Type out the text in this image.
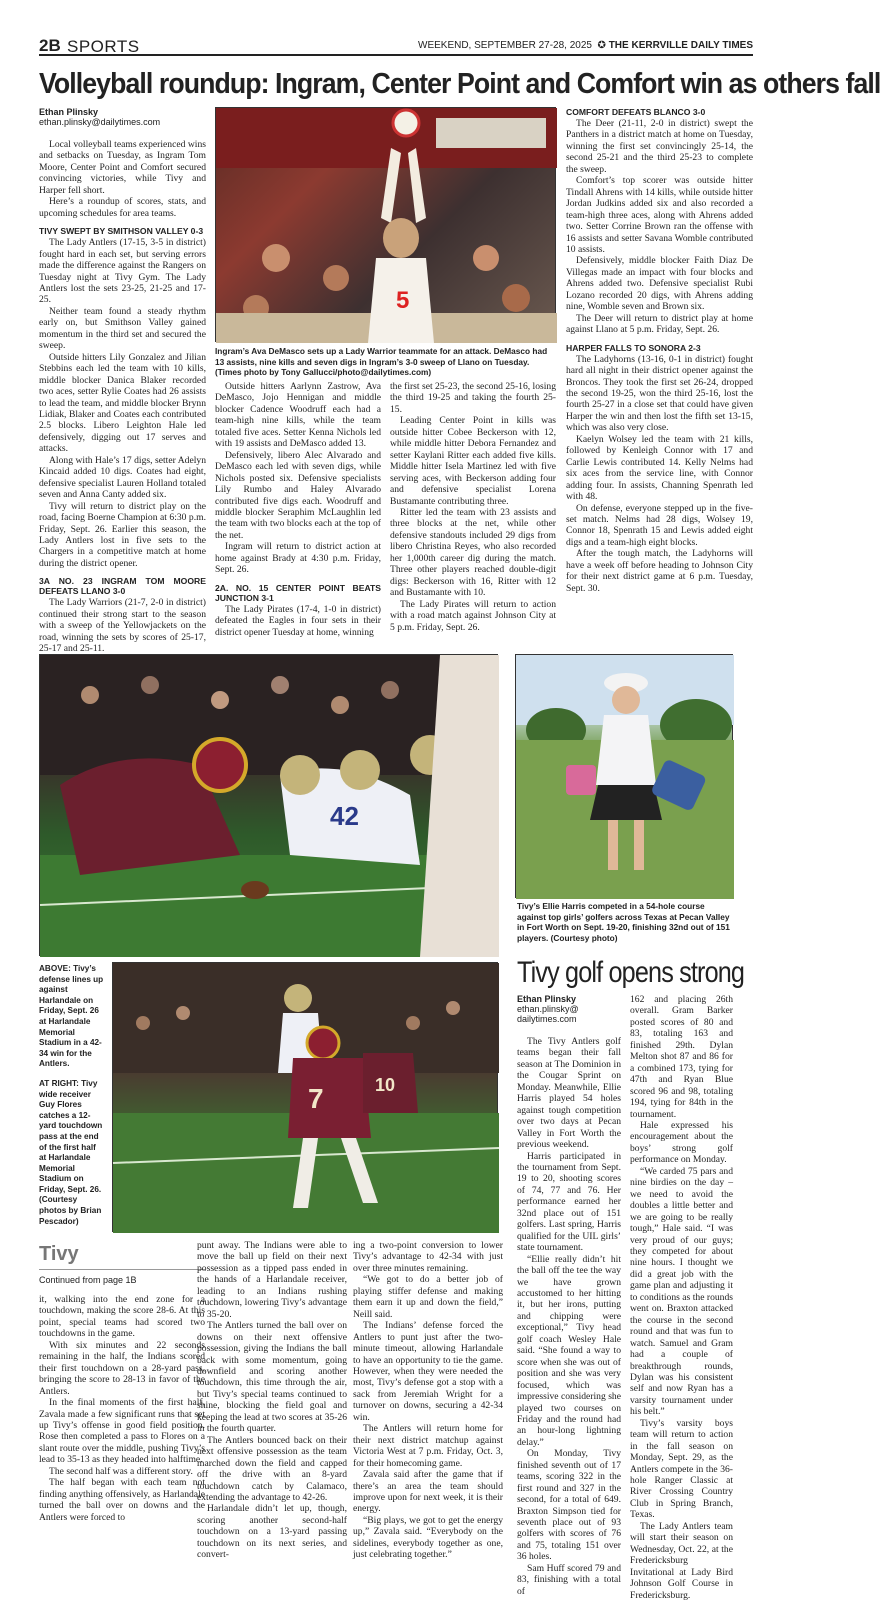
2B SPORTS	WEEKEND, SEPTEMBER 27-28, 2025 ✪ THE KERRVILLE DAILY TIMES
Volleyball roundup: Ingram, Center Point and Comfort win as others fall
Ethan Plinsky
ethan.plinsky@dailytimes.com

Local volleyball teams experienced wins and setbacks on Tuesday, as Ingram Tom Moore, Center Point and Comfort secured convincing victories, while Tivy and Harper fell short.

Here’s a roundup of scores, stats, and upcoming schedules for area teams.

TIVY SWEPT BY SMITHSON VALLEY 0-3

The Lady Antlers (17-15, 3-5 in district) fought hard in each set, but serving errors made the difference against the Rangers on Tuesday night at Tivy Gym. The Lady Antlers lost the sets 23-25, 21-25 and 17-25.

Neither team found a steady rhythm early on, but Smithson Valley gained momentum in the third set and secured the sweep.

Outside hitters Lily Gonzalez and Jilian Stebbins each led the team with 10 kills, middle blocker Danica Blaker recorded two aces, setter Rylie Coates had 26 assists to lead the team, and middle blocker Brynn Lidiak, Blaker and Coates each contributed 2.5 blocks. Libero Leighton Hale led defensively, digging out 17 serves and attacks.

Along with Hale’s 17 digs, setter Adelyn Kincaid added 10 digs. Coates had eight, defensive specialist Lauren Holland totaled seven and Anna Canty added six.

Tivy will return to district play on the road, facing Boerne Champion at 6:30 p.m. Friday, Sept. 26. Earlier this season, the Lady Antlers lost in five sets to the Chargers in a competitive match at home during the district opener.

3A NO. 23 INGRAM TOM MOORE DEFEATS LLANO 3-0

The Lady Warriors (21-7, 2-0 in district) continued their strong start to the season with a sweep of the Yellowjackets on the road, winning the sets by scores of 25-17, 25-17 and 25-11.

5
Ingram’s Ava DeMasco sets up a Lady Warrior teammate for an attack. DeMasco had 13 assists, nine kills and seven digs in Ingram’s 3-0 sweep of Llano on Tuesday. (Times photo by Tony Gallucci/photo@dailytimes.com)

Outside hitters Aarlynn Zastrow, Ava DeMasco, Jojo Hennigan and middle blocker Cadence Woodruff each had a team-high nine kills, while the team totaled five aces. Setter Kenna Nichols led with 19 assists and DeMasco added 13.

Defensively, libero Alec Alvarado and DeMasco each led with seven digs, while Nichols posted six. Defensive specialists Lily Rumbo and Haley Alvarado contributed five digs each. Woodruff and middle blocker Seraphim McLaughlin led the team with two blocks each at the top of the net.

Ingram will return to district action at home against Brady at 4:30 p.m. Friday, Sept. 26.

2A. NO. 15 CENTER POINT BEATS JUNCTION 3-1

The Lady Pirates (17-4, 1-0 in district) defeated the Eagles in four sets in their district opener Tuesday at home, winning

the first set 25-23, the second 25-16, losing the third 19-25 and taking the fourth 25-15.

Leading Center Point in kills was outside hitter Cobee Beckerson with 12, while middle hitter Debora Fernandez and setter Kaylani Ritter each added five kills. Middle hitter Isela Martinez led with five serving aces, with Beckerson adding four and defensive specialist Lorena Bustamante contributing three.

Ritter led the team with 23 assists and three blocks at the net, while other defensive standouts included 29 digs from libero Christina Reyes, who also recorded her 1,000th career dig during the match. Three other players reached double-digit digs: Beckerson with 16, Ritter with 12 and Bustamante with 10.

The Lady Pirates will return to action with a road match against Johnson City at 5 p.m. Friday, Sept. 26.

COMFORT DEFEATS BLANCO 3-0

The Deer (21-11, 2-0 in district) swept the Panthers in a district match at home on Tuesday, winning the first set convincingly 25-14, the second 25-21 and the third 25-23 to complete the sweep.

Comfort’s top scorer was outside hitter Tindall Ahrens with 14 kills, while outside hitter Jordan Judkins added six and also recorded a team-high three aces, along with Ahrens added two. Setter Corrine Brown ran the offense with 16 assists and setter Savana Womble contributed 10 assists.

Defensively, middle blocker Faith Diaz De Villegas made an impact with four blocks and Ahrens added two. Defensive specialist Rubi Lozano recorded 20 digs, with Ahrens adding nine, Womble seven and Brown six.

The Deer will return to district play at home against Llano at 5 p.m. Friday, Sept. 26.

HARPER FALLS TO SONORA 2-3

The Ladyhorns (13-16, 0-1 in district) fought hard all night in their district opener against the Broncos. They took the first set 26-24, dropped the second 19-25, won the third 25-16, lost the fourth 25-27 in a close set that could have given Harper the win and then lost the fifth set 13-15, which was also very close.

Kaelyn Wolsey led the team with 21 kills, followed by Kenleigh Connor with 17 and Carlie Lewis contributed 14. Kelly Nelms had six aces from the service line, with Connor adding four. In assists, Channing Spenrath led with 48.

On defense, everyone stepped up in the five-set match. Nelms had 28 digs, Wolsey 19, Connor 18, Spenrath 15 and Lewis added eight digs and a team-high eight blocks.

After the tough match, the Ladyhorns will have a week off before heading to Johnson City for their next district game at 6 p.m. Tuesday, Sept. 30.

42
Tivy’s Ellie Harris competed in a 54-hole course against top girls’ golfers across Texas at Pecan Valley in Fort Worth on Sept. 19-20, finishing 32nd out of 151 players. (Courtesy photo)
ABOVE: Tivy’s defense lines up against Harlandale on Friday, Sept. 26 at Harlandale Memorial Stadium in a 42-34 win for the Antlers.
AT RIGHT: Tivy wide receiver Guy Flores catches a 12-yard touchdown pass at the end of the first half at Harlandale Memorial Stadium on Friday, Sept. 26. (Courtesy photos by Brian Pescador)
7	10
Tivy golf opens strong
Ethan Plinsky
ethan.plinsky@
dailytimes.com

The Tivy Antlers golf teams began their fall season at The Dominion in the Cougar Sprint on Monday. Meanwhile, Ellie Harris played 54 holes against tough competition over two days at Pecan Valley in Fort Worth the previous weekend.

Harris participated in the tournament from Sept. 19 to 20, shooting scores of 74, 77 and 76. Her performance earned her 32nd place out of 151 golfers. Last spring, Harris qualified for the UIL girls’ state tournament.

“Ellie really didn’t hit the ball off the tee the way we have grown accustomed to her hitting it, but her irons, putting and chipping were exceptional,” Tivy head golf coach Wesley Hale said. “She found a way to score when she was out of position and she was very focused, which was impressive considering she played two courses on Friday and the round had an hour-long lightning delay.”

On Monday, Tivy finished seventh out of 17 teams, scoring 322 in the first round and 327 in the second, for a total of 649. Braxton Simpson tied for seventh place out of 93 golfers with scores of 76 and 75, totaling 151 over 36 holes.

Sam Huff scored 79 and 83, finishing with a total of

162 and placing 26th overall. Gram Barker posted scores of 80 and 83, totaling 163 and finished 29th. Dylan Melton shot 87 and 86 for a combined 173, tying for 47th and Ryan Blue scored 96 and 98, totaling 194, tying for 84th in the tournament.

Hale expressed his encouragement about the boys’ strong golf performance on Monday.

“We carded 75 pars and nine birdies on the day – we need to avoid the doubles a little better and we are going to be really tough,” Hale said. “I was very proud of our guys; they competed for about nine hours. I thought we did a great job with the game plan and adjusting it to conditions as the rounds went on. Braxton attacked the course in the second round and that was fun to watch. Samuel and Gram had a couple of breakthrough rounds, Dylan was his consistent self and now Ryan has a varsity tournament under his belt.”

Tivy’s varsity boys team will return to action in the fall season on Monday, Sept. 29, as the Antlers compete in the 36-hole Ranger Classic at River Crossing Country Club in Spring Branch, Texas.

The Lady Antlers team will start their season on Wednesday, Oct. 22, at the Fredericksburg Invitational at Lady Bird Johnson Golf Course in Fredericksburg.

Tivy
Continued from page 1B

it, walking into the end zone for a touchdown, making the score 28-6. At this point, special teams had scored two touchdowns in the game.

With six minutes and 22 seconds remaining in the half, the Indians scored their first touchdown on a 28-yard pass, bringing the score to 28-13 in favor of the Antlers.

In the final moments of the first half, Zavala made a few significant runs that set up Tivy’s offense in good field position. Rose then completed a pass to Flores on a slant route over the middle, pushing Tivy’s lead to 35-13 as they headed into halftime.

The second half was a different story.

The half began with each team not finding anything offensively, as Harlandale turned the ball over on downs and the Antlers were forced to

punt away. The Indians were able to move the ball up field on their next possession as a tipped pass ended in the hands of a Harlandale receiver, leading to an Indians rushing touchdown, lowering Tivy’s advantage to 35-20.

The Antlers turned the ball over on downs on their next offensive possession, giving the Indians the ball back with some momentum, going downfield and scoring another touchdown, this time through the air, but Tivy’s special teams continued to shine, blocking the field goal and keeping the lead at two scores at 35-26 in the fourth quarter.

The Antlers bounced back on their next offensive possession as the team marched down the field and capped off the drive with an 8-yard touchdown catch by Calamaco, extending the advantage to 42-26.

Harlandale didn’t let up, though, scoring another second-half touchdown on a 13-yard passing touchdown on its next series, and convert-

ing a two-point conversion to lower Tivy’s advantage to 42-34 with just over three minutes remaining.

“We got to do a better job of playing stiffer defense and making them earn it up and down the field,” Neill said.

The Indians’ defense forced the Antlers to punt just after the two-minute timeout, allowing Harlandale to have an opportunity to tie the game. However, when they were needed the most, Tivy’s defense got a stop with a sack from Jeremiah Wright for a turnover on downs, securing a 42-34 win.

The Antlers will return home for their next district matchup against Victoria West at 7 p.m. Friday, Oct. 3, for their homecoming game.

Zavala said after the game that if there’s an area the team should improve upon for next week, it is their energy.

“Big plays, we got to get the energy up,” Zavala said. “Everybody on the sidelines, everybody together as one, just celebrating together.”
